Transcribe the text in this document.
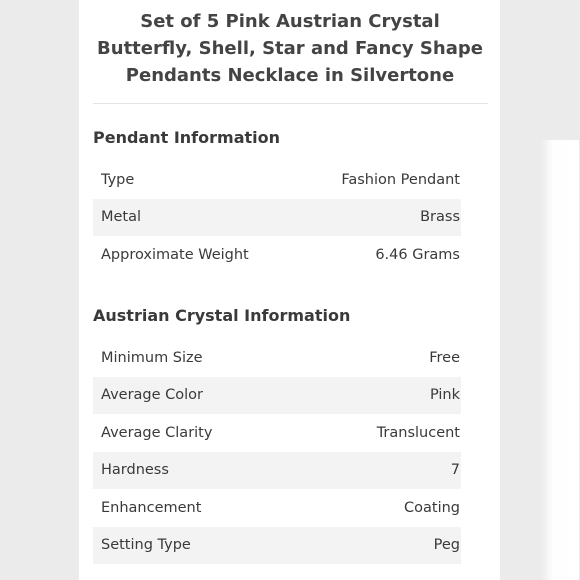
Set of 5 Pink Austrian Crystal Butterfly, Shell, Star and Fancy Shape Pendants Necklace in Silvertone
Pendant Information
Type	Fashion Pendant
Metal	Brass
Approximate Weight	6.46 Grams
Austrian Crystal Information
Minimum Size	Free
Average Color	Pink
Average Clarity	Translucent
Hardness	7
Enhancement	Coating
Setting Type	Peg
